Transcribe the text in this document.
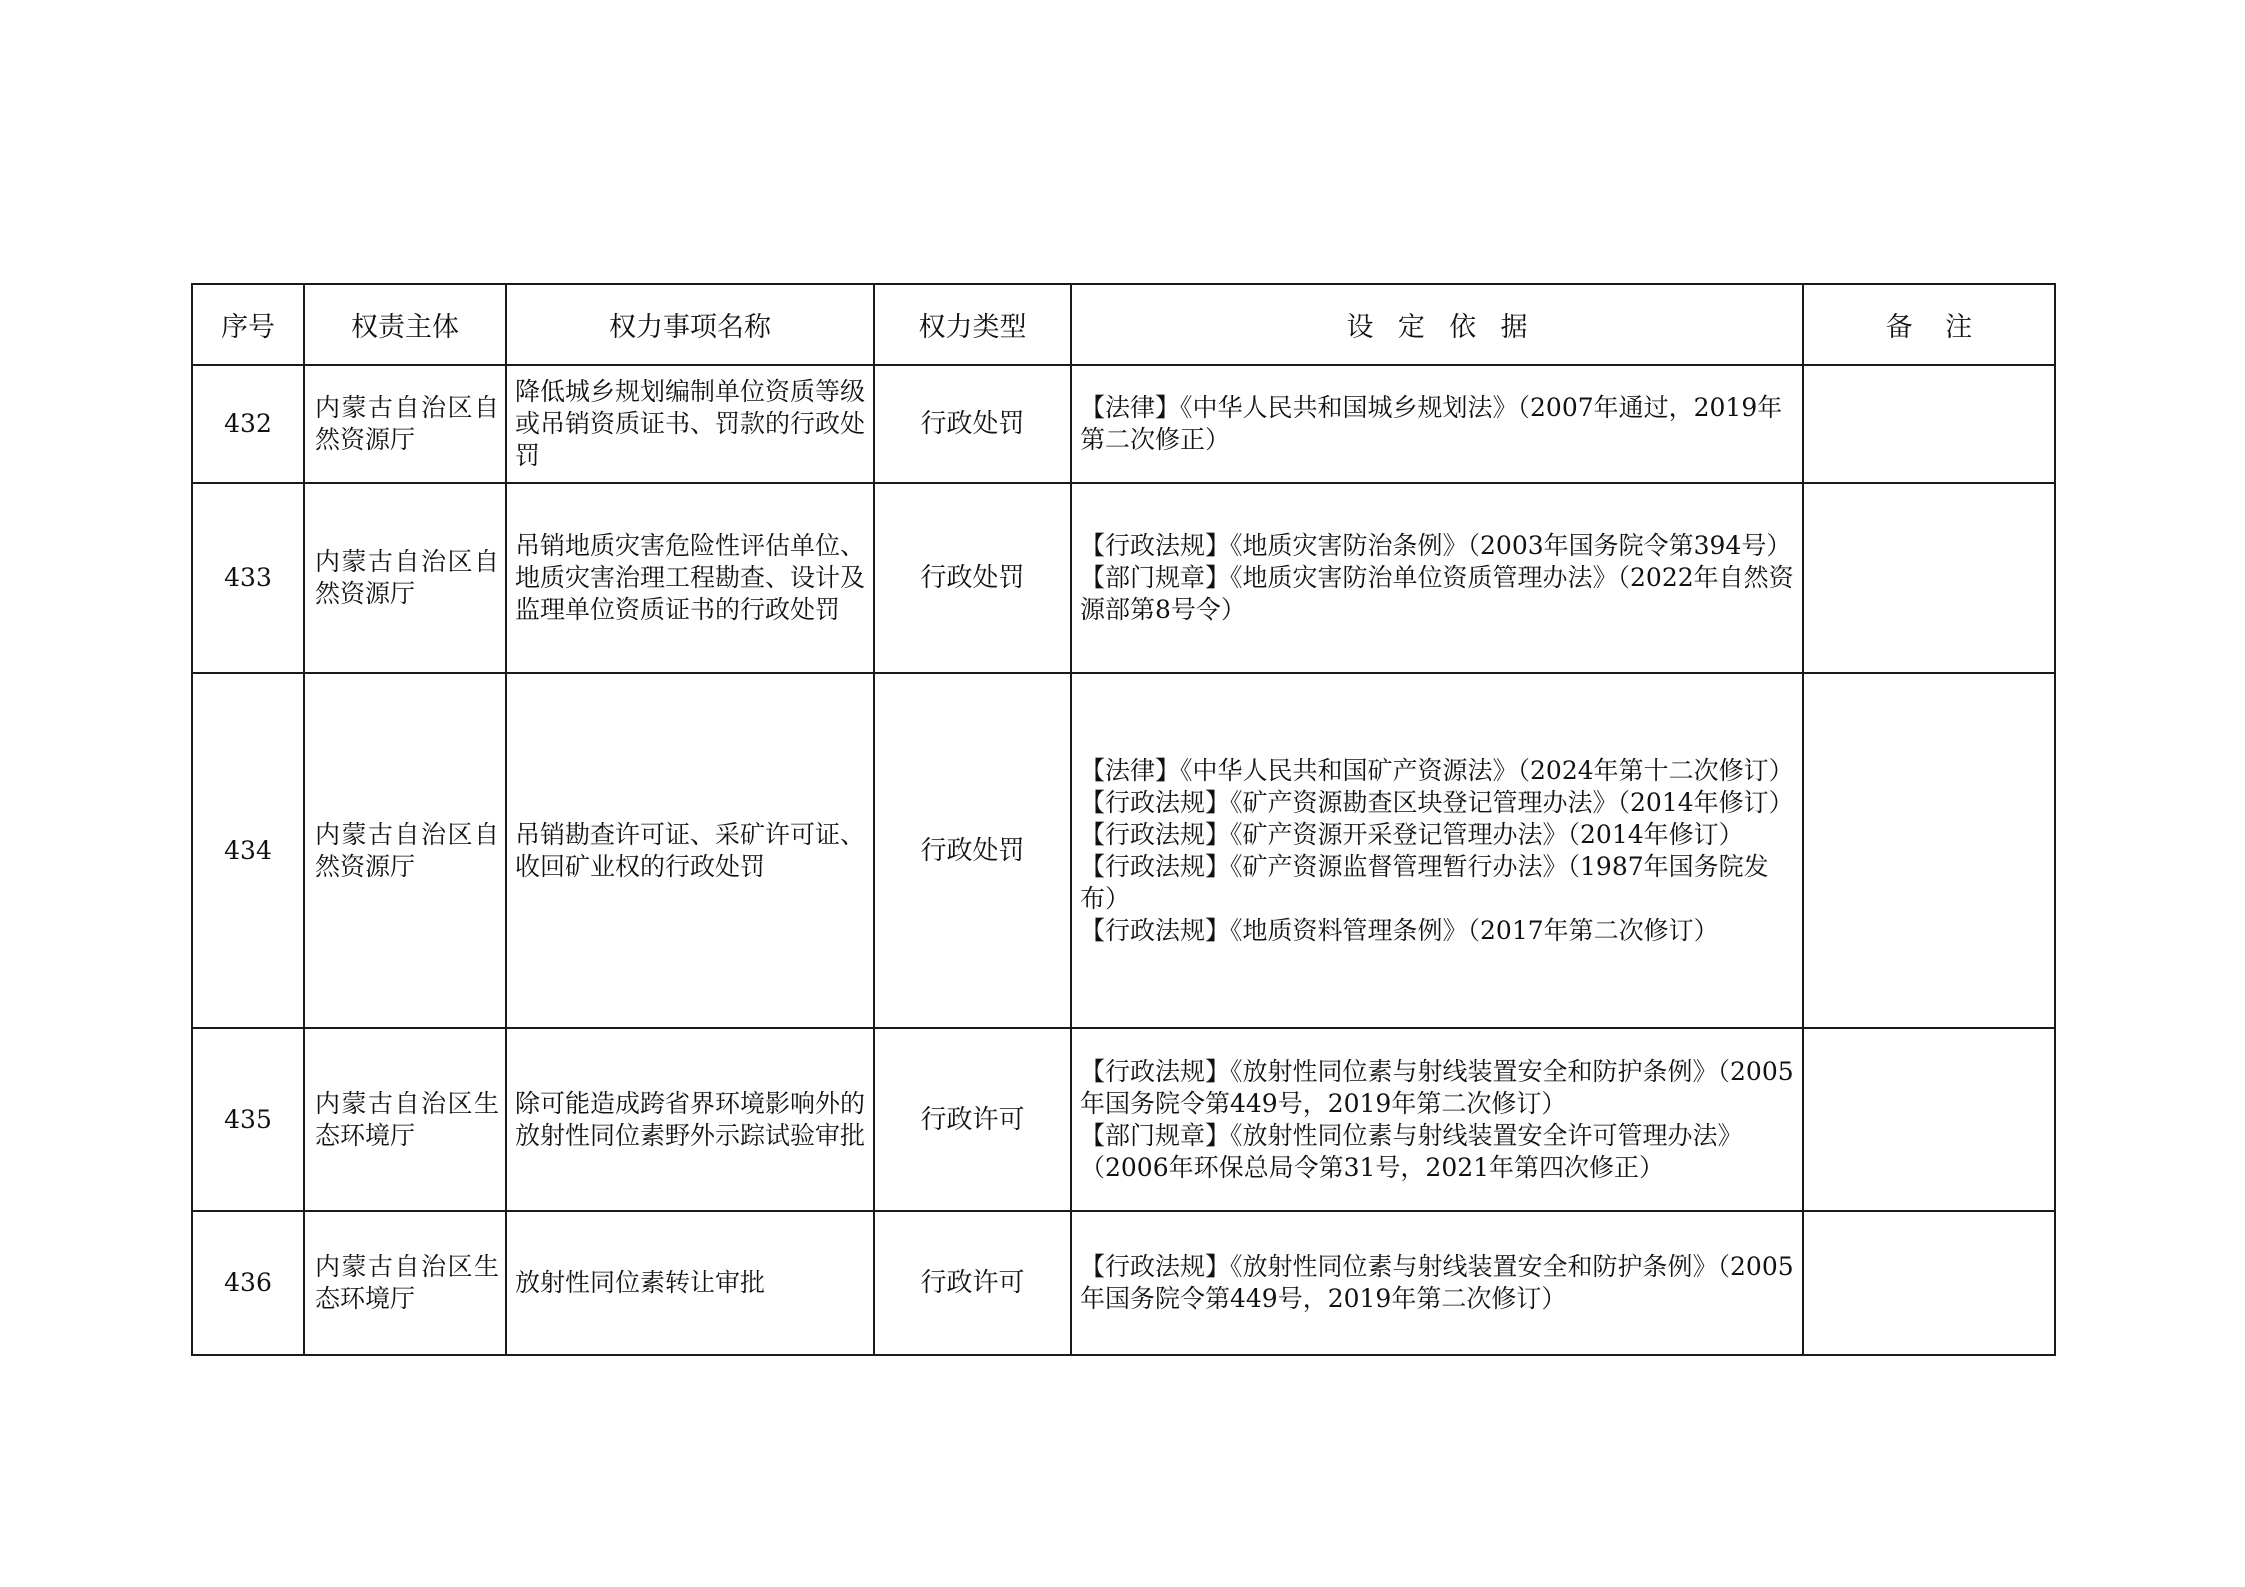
序号	权责主体	权力事项名称	权力类型	设定依据	备注
432	内蒙古自治区自然资源厅	降低城乡规划编制单位资质等级或吊销资质证书、罚款的行政处罚	行政处罚	【法律】《中华人民共和国城乡规划法》（2007年通过，2019年第二次修正）	

433	内蒙古自治区自然资源厅	吊销地质灾害危险性评估单位、地质灾害治理工程勘查、设计及监理单位资质证书的行政处罚	行政处罚	【行政法规】《地质灾害防治条例》（2003年国务院令第394号）
【部门规章】《地质灾害防治单位资质管理办法》（2022年自然资源部第8号令）	

434	内蒙古自治区自然资源厅	吊销勘查许可证、采矿许可证、收回矿业权的行政处罚	行政处罚	【法律】《中华人民共和国矿产资源法》（2024年第十二次修订）
【行政法规】《矿产资源勘查区块登记管理办法》（2014年修订）
【行政法规】《矿产资源开采登记管理办法》（2014年修订）
【行政法规】《矿产资源监督管理暂行办法》（1987年国务院发布）
【行政法规】《地质资料管理条例》（2017年第二次修订）	

435	内蒙古自治区生态环境厅	除可能造成跨省界环境影响外的放射性同位素野外示踪试验审批	行政许可	【行政法规】《放射性同位素与射线装置安全和防护条例》（2005年国务院令第449号，2019年第二次修订）
【部门规章】《放射性同位素与射线装置安全许可管理办法》（2006年环保总局令第31号，2021年第四次修正）	

436	内蒙古自治区生态环境厅	放射性同位素转让审批	行政许可	【行政法规】《放射性同位素与射线装置安全和防护条例》（2005年国务院令第449号，2019年第二次修订）	
